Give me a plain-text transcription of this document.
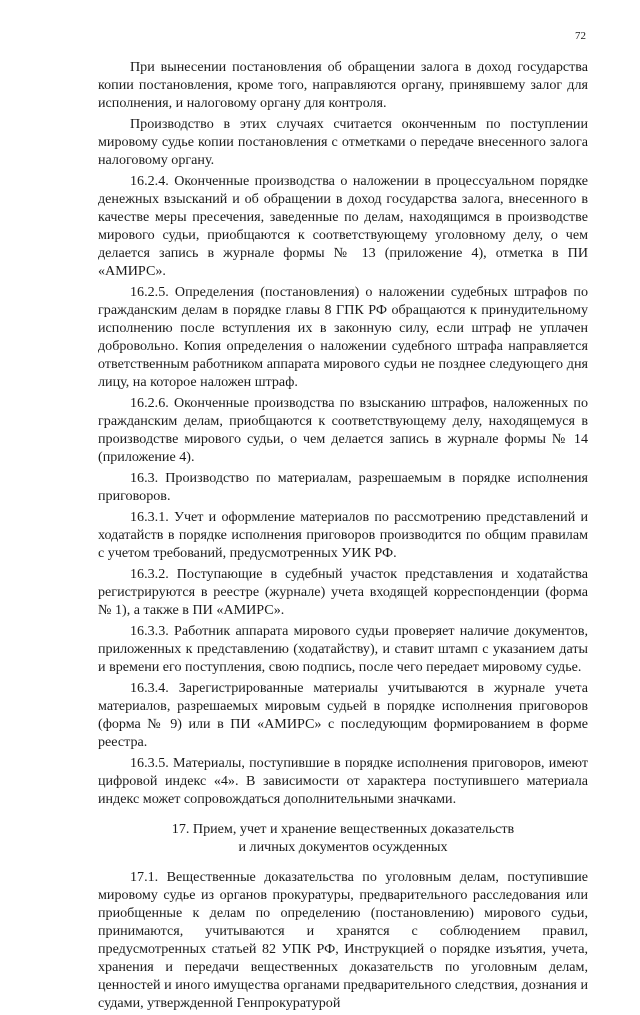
72

При вынесении постановления об обращении залога в доход государства копии постановления, кроме того, направляются органу, принявшему залог для исполнения, и налоговому органу для контроля.

Производство в этих случаях считается оконченным по поступлении мировому судье копии постановления с отметками о передаче внесенного залога налоговому органу.

16.2.4. Оконченные производства о наложении в процессуальном порядке денежных взысканий и об обращении в доход государства залога, внесенного в качестве меры пресечения, заведенные по делам, находящимся в производстве мирового судьи, приобщаются к соответствующему уголовному делу, о чем делается запись в журнале формы № 13 (приложение 4), отметка в ПИ «АМИРС».

16.2.5. Определения (постановления) о наложении судебных штрафов по гражданским делам в порядке главы 8 ГПК РФ обращаются к принудительному исполнению после вступления их в законную силу, если штраф не уплачен добровольно. Копия определения о наложении судебного штрафа направляется ответственным работником аппарата мирового судьи не позднее следующего дня лицу, на которое наложен штраф.

16.2.6. Оконченные производства по взысканию штрафов, наложенных по гражданским делам, приобщаются к соответствующему делу, находящемуся в производстве мирового судьи, о чем делается запись в журнале формы № 14 (приложение 4).

16.3. Производство по материалам, разрешаемым в порядке исполнения приговоров.

16.3.1. Учет и оформление материалов по рассмотрению представлений и ходатайств в порядке исполнения приговоров производится по общим правилам с учетом требований, предусмотренных УИК РФ.

16.3.2. Поступающие в судебный участок представления и ходатайства регистрируются в реестре (журнале) учета входящей корреспонденции (форма № 1), а также в ПИ «АМИРС».

16.3.3. Работник аппарата мирового судьи проверяет наличие документов, приложенных к представлению (ходатайству), и ставит штамп с указанием даты и времени его поступления, свою подпись, после чего передает мировому судье.

16.3.4. Зарегистрированные материалы учитываются в журнале учета материалов, разрешаемых мировым судьей в порядке исполнения приговоров (форма № 9) или в ПИ «АМИРС» с последующим формированием в форме реестра.

16.3.5. Материалы, поступившие в порядке исполнения приговоров, имеют цифровой индекс «4». В зависимости от характера поступившего материала индекс может сопровождаться дополнительными значками.

17. Прием, учет и хранение вещественных доказательств
и личных документов осужденных

17.1. Вещественные доказательства по уголовным делам, поступившие мировому судье из органов прокуратуры, предварительного расследования или приобщенные к делам по определению (постановлению) мирового судьи, принимаются, учитываются и хранятся с соблюдением правил, предусмотренных статьей 82 УПК РФ, Инструкцией о порядке изъятия, учета, хранения и передачи вещественных доказательств по уголовным делам, ценностей и иного имущества органами предварительного следствия, дознания и судами, утвержденной Генпрокуратурой
